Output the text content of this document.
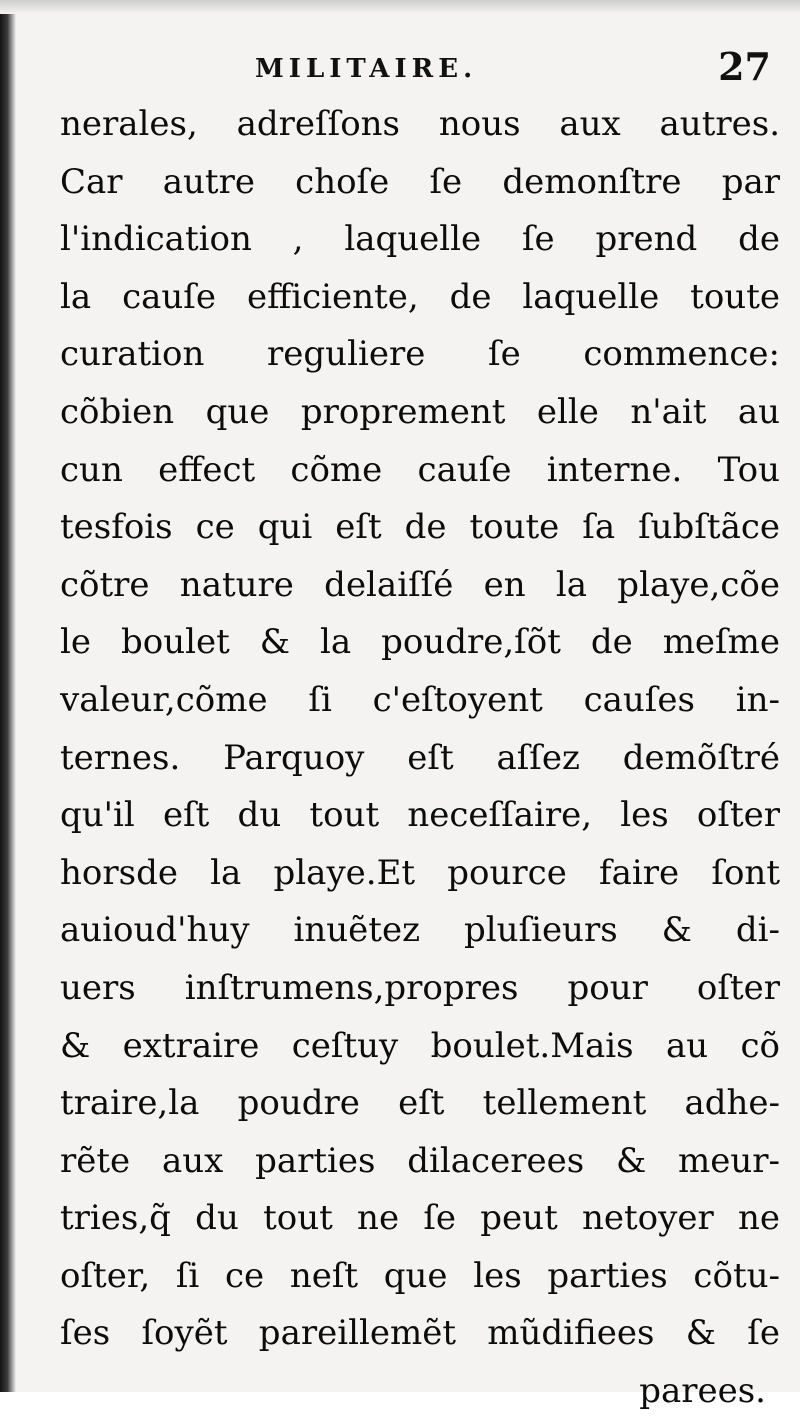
MILITAIRE.	27
nerales, adreſſons nous aux autres.
Car autre choſe ſe demonſtre par
l'indication , laquelle ſe prend de
la cauſe efficiente, de laquelle toute
curation reguliere ſe commence:
cõbien que proprement elle n'ait au
cun effect cõme cauſe interne. Tou
tesfois ce qui eſt de toute ſa ſubſtãce
cõtre nature delaiſſé en la playe,cõe
le boulet & la poudre,ſõt de meſme
valeur,cõme ſi c'eſtoyent cauſes in-
ternes. Parquoy eſt aſſez demõſtré
qu'il eſt du tout neceſſaire, les oſter
horsde la playe.Et pource faire ſont
auioud'huy inuẽtez pluſieurs & di-
uers inſtrumens,propres pour oſter
& extraire ceſtuy boulet.Mais au cõ
traire,la poudre eſt tellement adhe-
rẽte aux parties dilacerees & meur-
tries,q̃ du tout ne ſe peut netoyer ne
oſter, ſi ce neſt que les parties cõtu-
ſes ſoyẽt pareillemẽt mũdifiees & ſe
parees.
